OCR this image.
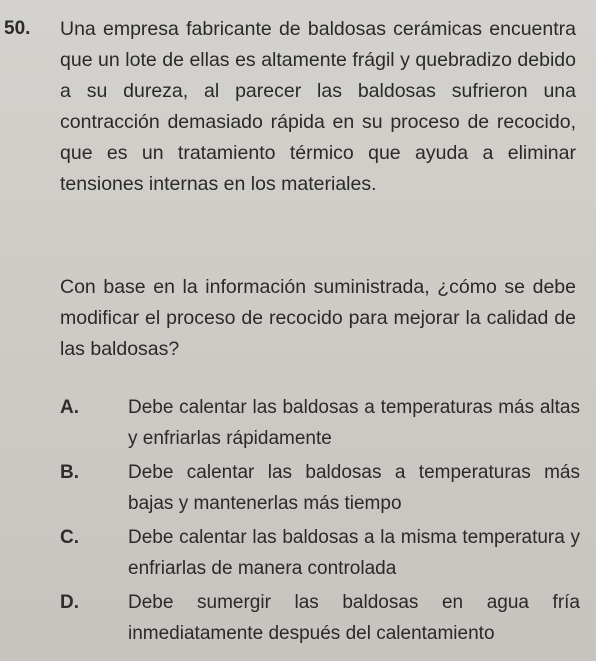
50. Una empresa fabricante de baldosas cerámicas encuentra que un lote de ellas es altamente frágil y quebradizo debido a su dureza, al parecer las baldosas sufrieron una contracción demasiado rápida en su proceso de recocido, que es un tratamiento térmico que ayuda a eliminar tensiones internas en los materiales.
Con base en la información suministrada, ¿cómo se debe modificar el proceso de recocido para mejorar la calidad de las baldosas?
A.	Debe calentar las baldosas a temperaturas más altas y enfriarlas rápidamente
B.	Debe calentar las baldosas a temperaturas más bajas y mantenerlas más tiempo
C.	Debe calentar las baldosas a la misma temperatura y enfriarlas de manera controlada
D.	Debe sumergir las baldosas en agua fría inmediatamente después del calentamiento
